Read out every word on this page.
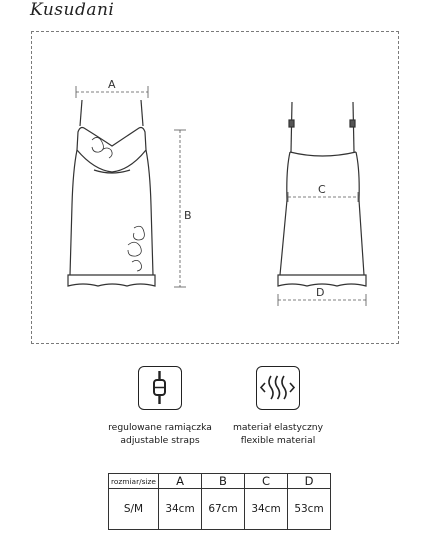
Kusudani
A
B
C
D
regulowane ramiączka
adjustable straps
materiał elastyczny
flexible material
rozmiar/size	A	B	C	D
S/M	34cm	67cm	34cm	53cm
